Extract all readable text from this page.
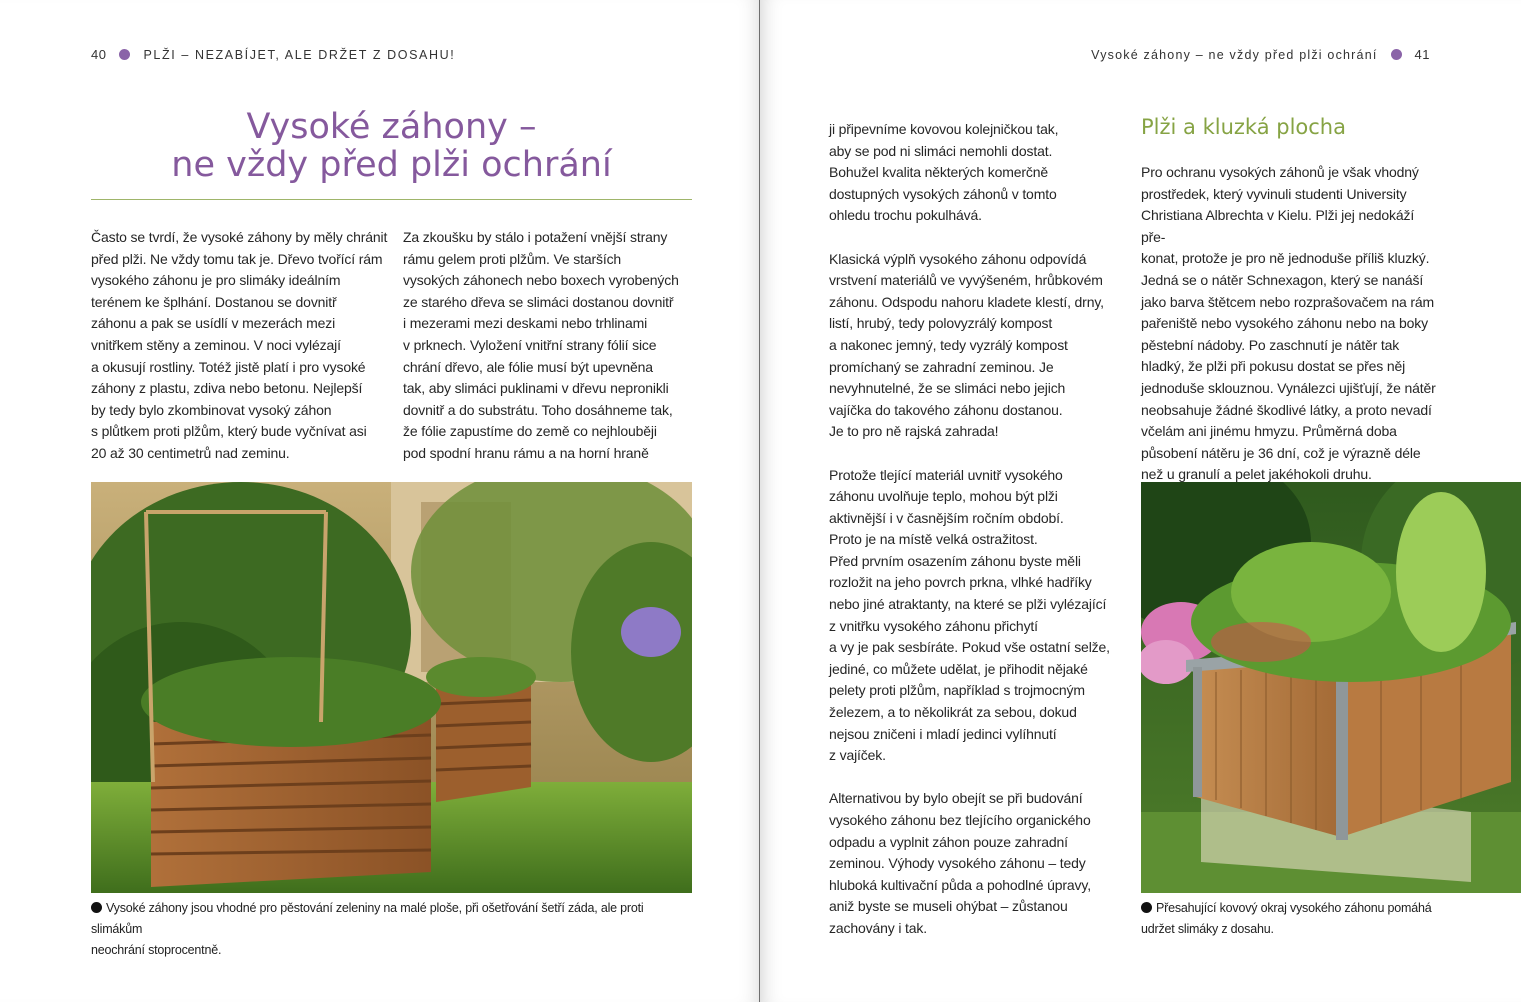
40	PLŽI – NEZABÍJET, ALE DRŽET Z DOSAHU!
Vysoké záhony –
ne vždy před plži ochrání
Často se tvrdí, že vysoké záhony by měly chránit
před plži. Ne vždy tomu tak je. Dřevo tvořící rám
vysokého záhonu je pro slimáky ideálním
terénem ke šplhání. Dostanou se dovnitř
záhonu a pak se usídlí v mezerách mezi
vnitřkem stěny a zeminou. V noci vylézají
a okusují rostliny. Totéž jistě platí i pro vysoké
záhony z plastu, zdiva nebo betonu. Nejlepší
by tedy bylo zkombinovat vysoký záhon
s plůtkem proti plžům, který bude vyčnívat asi
20 až 30 centimetrů nad zeminu.
Za zkoušku by stálo i potažení vnější strany
rámu gelem proti plžům. Ve starších
vysokých záhonech nebo boxech vyrobených
ze starého dřeva se slimáci dostanou dovnitř
i mezerami mezi deskami nebo trhlinami
v prknech. Vyložení vnitřní strany fólií sice
chrání dřevo, ale fólie musí být upevněna
tak, aby slimáci puklinami v dřevu nepronikli
dovnitř a do substrátu. Toho dosáhneme tak,
že fólie zapustíme do země co nejhlouběji
pod spodní hranu rámu a na horní hraně
Vysoké záhony jsou vhodné pro pěstování zeleniny na malé ploše, při ošetřování šetří záda, ale proti slimákům
neochrání stoprocentně.
Vysoké záhony – ne vždy před plži ochrání	41
ji připevníme kovovou kolejničkou tak,
aby se pod ni slimáci nemohli dostat.
Bohužel kvalita některých komerčně
dostupných vysokých záhonů v tomto
ohledu trochu pokulhává.

Klasická výplň vysokého záhonu odpovídá
vrstvení materiálů ve vyvýšeném, hrůbkovém
záhonu. Odspodu nahoru kladete klestí, drny,
listí, hrubý, tedy polovyzrálý kompost
a nakonec jemný, tedy vyzrálý kompost
promíchaný se zahradní zeminou. Je
nevyhnutelné, že se slimáci nebo jejich
vajíčka do takového záhonu dostanou.
Je to pro ně rajská zahrada!

Protože tlející materiál uvnitř vysokého
záhonu uvolňuje teplo, mohou být plži
aktivnější i v časnějším ročním období.
Proto je na místě velká ostražitost.
Před prvním osazením záhonu byste měli
rozložit na jeho povrch prkna, vlhké hadříky
nebo jiné atraktanty, na které se plži vylézající
z vnitřku vysokého záhonu přichytí
a vy je pak sesbíráte. Pokud vše ostatní selže,
jediné, co můžete udělat, je přihodit nějaké
pelety proti plžům, například s trojmocným
železem, a to několikrát za sebou, dokud
nejsou zničeni i mladí jedinci vylíhnutí
z vajíček.

Alternativou by bylo obejít se při budování
vysokého záhonu bez tlejícího organického
odpadu a vyplnit záhon pouze zahradní
zeminou. Výhody vysokého záhonu – tedy
hluboká kultivační půda a pohodlné úpravy,
aniž byste se museli ohýbat – zůstanou
zachovány i tak.
Plži a kluzká plocha
Pro ochranu vysokých záhonů je však vhodný
prostředek, který vyvinuli studenti University
Christiana Albrechta v Kielu. Plži jej nedokáží pře-
konat, protože je pro ně jednoduše příliš kluzký.
Jedná se o nátěr Schnexagon, který se nanáší
jako barva štětcem nebo rozprašovačem na rám
pařeniště nebo vysokého záhonu nebo na boky
pěstební nádoby. Po zaschnutí je nátěr tak
hladký, že plži při pokusu dostat se přes něj
jednoduše sklouznou. Vynálezci ujišťují, že nátěr
neobsahuje žádné škodlivé látky, a proto nevadí
včelám ani jinému hmyzu. Průměrná doba
působení nátěru je 36 dní, což je výrazně déle
než u granulí a pelet jakéhokoli druhu.
Přesahující kovový okraj vysokého záhonu pomáhá
udržet slimáky z dosahu.
